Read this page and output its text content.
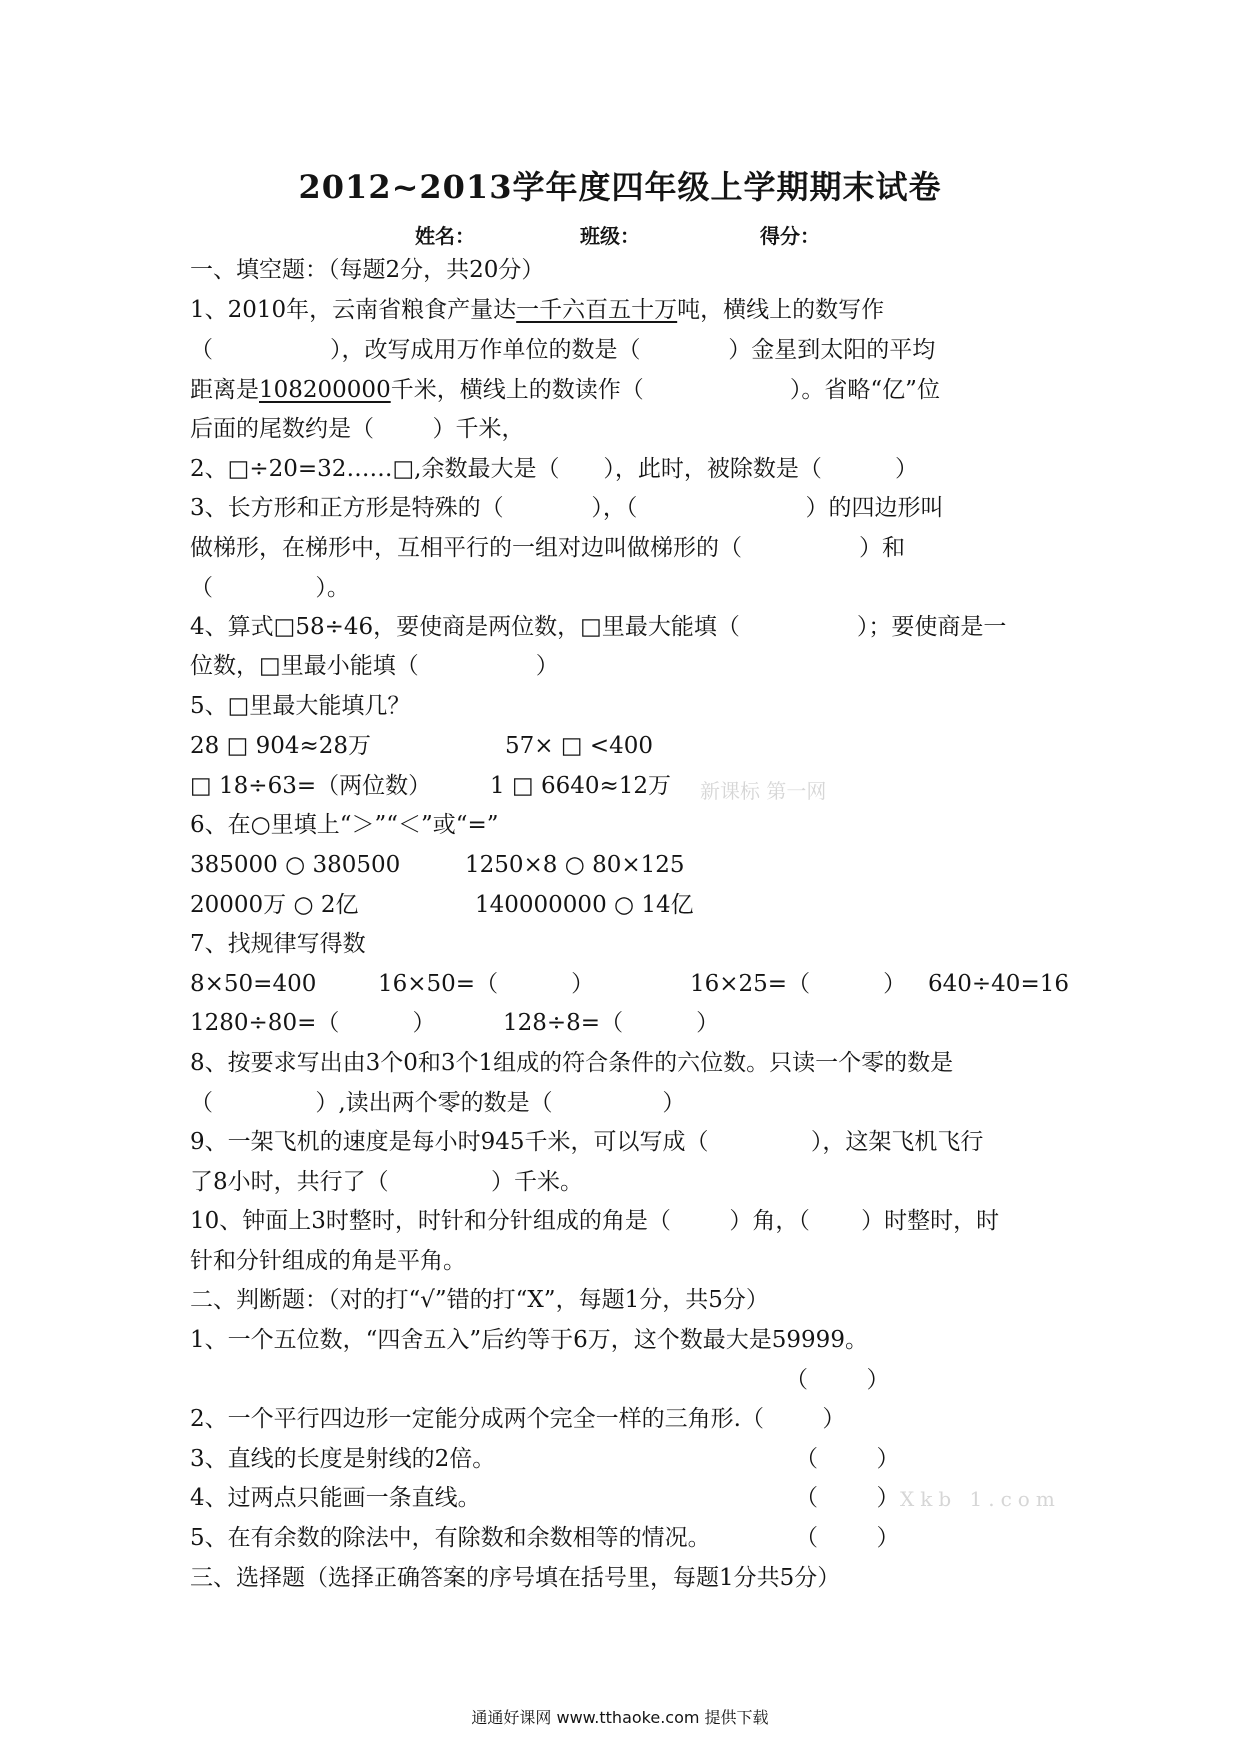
2012~2013学年度四年级上学期期末试卷
姓名：	班级：	得分：
一、填空题：（每题2分，共20分）
1、2010年，云南省粮食产量达一千六百五十万吨，横线上的数写作
（                ），改写成用万作单位的数是（            ）金星到太阳的平均
距离是108200000千米，横线上的数读作（                    ）。省略“亿”位
后面的尾数约是（        ）千米，
2、□÷20=32……□,余数最大是（      ），此时，被除数是（          ）
3、长方形和正方形是特殊的（            ），（                       ）的四边形叫
做梯形，在梯形中，互相平行的一组对边叫做梯形的（                ）和
（              ）。
4、算式□58÷46，要使商是两位数，□里最大能填（                ）；要使商是一
位数，□里最小能填（                ）
5、□里最大能填几？
28 □ 904≈28万	57× □ <400
□ 18÷63=（两位数）	1 □ 6640≈12万 新课标 第一网
6、在○里填上“＞”“＜”或“=”
385000 ○ 380500	1250×8 ○ 80×125
20000万 ○ 2亿	140000000 ○ 14亿
7、找规律写得数
8×50=400	16×50=（          ）	16×25=（          ） 640÷40=16
1280÷80=（          ）	128÷8=（          ）
8、按要求写出由3个0和3个1组成的符合条件的六位数。只读一个零的数是
（              ）,读出两个零的数是（               ）
9、一架飞机的速度是每小时945千米，可以写成（              ），这架飞机飞行
了8小时，共行了（              ）千米。
10、钟面上3时整时，时针和分针组成的角是（        ）角，（       ）时整时，时
针和分针组成的角是平角。
二、判断题：（对的打“√”错的打“X”，每题1分，共5分）
1、一个五位数，“四舍五入”后约等于6万，这个数最大是59999。
（        ）
2、一个平行四边形一定能分成两个完全一样的三角形.（        ）
3、直线的长度是射线的2倍。	（        ）
4、过两点只能画一条直线。	（        ） Xkb 1.com
5、在有余数的除法中，有除数和余数相等的情况。	（        ）
三、选择题（选择正确答案的序号填在括号里，每题1分共5分）
通通好课网 www.tthaoke.com 提供下载
